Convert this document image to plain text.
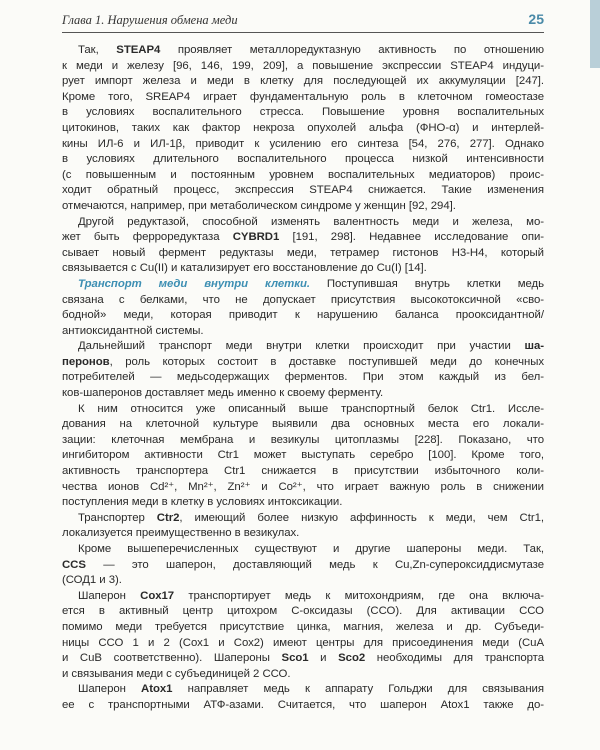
Глава 1. Нарушения обмена меди	25
Так, STEAP4 проявляет металлоредуктазную активность по отношению
к меди и железу [96, 146, 199, 209], а повышение экспрессии STEAP4 индуци-
рует импорт железа и меди в клетку для последующей их аккумуляции [247].
Кроме того, SREAP4 играет фундаментальную роль в клеточном гомеостазе
в условиях воспалительного стресса. Повышение уровня воспалительных
цитокинов, таких как фактор некроза опухолей альфа (ФНО-α) и интерлей-
кины ИЛ-6 и ИЛ-1β, приводит к усилению его синтеза [54, 276, 277]. Однако
в условиях длительного воспалительного процесса низкой интенсивности
(с повышенным и постоянным уровнем воспалительных медиаторов) проис-
ходит обратный процесс, экспрессия STEAP4 снижается. Такие изменения
отмечаются, например, при метаболическом синдроме у женщин [92, 294].
Другой редуктазой, способной изменять валентность меди и железа, мо-
жет быть ферроредуктаза CYBRD1 [191, 298]. Недавнее исследование опи-
сывает новый фермент редуктазы меди, тетрамер гистонов Н3-Н4, который
связывается с Cu(II) и катализирует его восстановление до Cu(I) [14].
Транспорт меди внутри клетки. Поступившая внутрь клетки медь
связана с белками, что не допускает присутствия высокотоксичной «сво-
бодной» меди, которая приводит к нарушению баланса прооксидантной/
антиоксидантной системы.
Дальнейший транспорт меди внутри клетки происходит при участии ша-
перонов, роль которых состоит в доставке поступившей меди до конечных
потребителей — медьсодержащих ферментов. При этом каждый из бел-
ков-шаперонов доставляет медь именно к своему ферменту.
К ним относится уже описанный выше транспортный белок Ctr1. Иссле-
дования на клеточной культуре выявили два основных места его локали-
зации: клеточная мембрана и везикулы цитоплазмы [228]. Показано, что
ингибитором активности Ctr1 может выступать серебро [100]. Кроме того,
активность транспортера Ctr1 снижается в присутствии избыточного коли-
чества ионов Cd²⁺, Mn²⁺, Zn²⁺ и Co²⁺, что играет важную роль в снижении
поступления меди в клетку в условиях интоксикации.
Транспортер Ctr2, имеющий более низкую аффинность к меди, чем Ctr1,
локализуется преимущественно в везикулах.
Кроме вышеперечисленных существуют и другие шапероны меди. Так,
CCS — это шаперон, доставляющий медь к Cu,Zn-супероксиддисмутазе
(СОД1 и 3).
Шаперон Cox17 транспортирует медь к митохондриям, где она включа-
ется в активный центр цитохром С-оксидазы (ССО). Для активации ССО
помимо меди требуется присутствие цинка, магния, железа и др. Субъеди-
ницы ССО 1 и 2 (Сох1 и Сох2) имеют центры для присоединения меди (CuA
и CuB соответственно). Шапероны Sco1 и Sco2 необходимы для транспорта
и связывания меди с субъединицей 2 ССО.
Шаперон Atox1 направляет медь к аппарату Гольджи для связывания
ее с транспортными АТФ-азами. Считается, что шаперон Atox1 также до-
